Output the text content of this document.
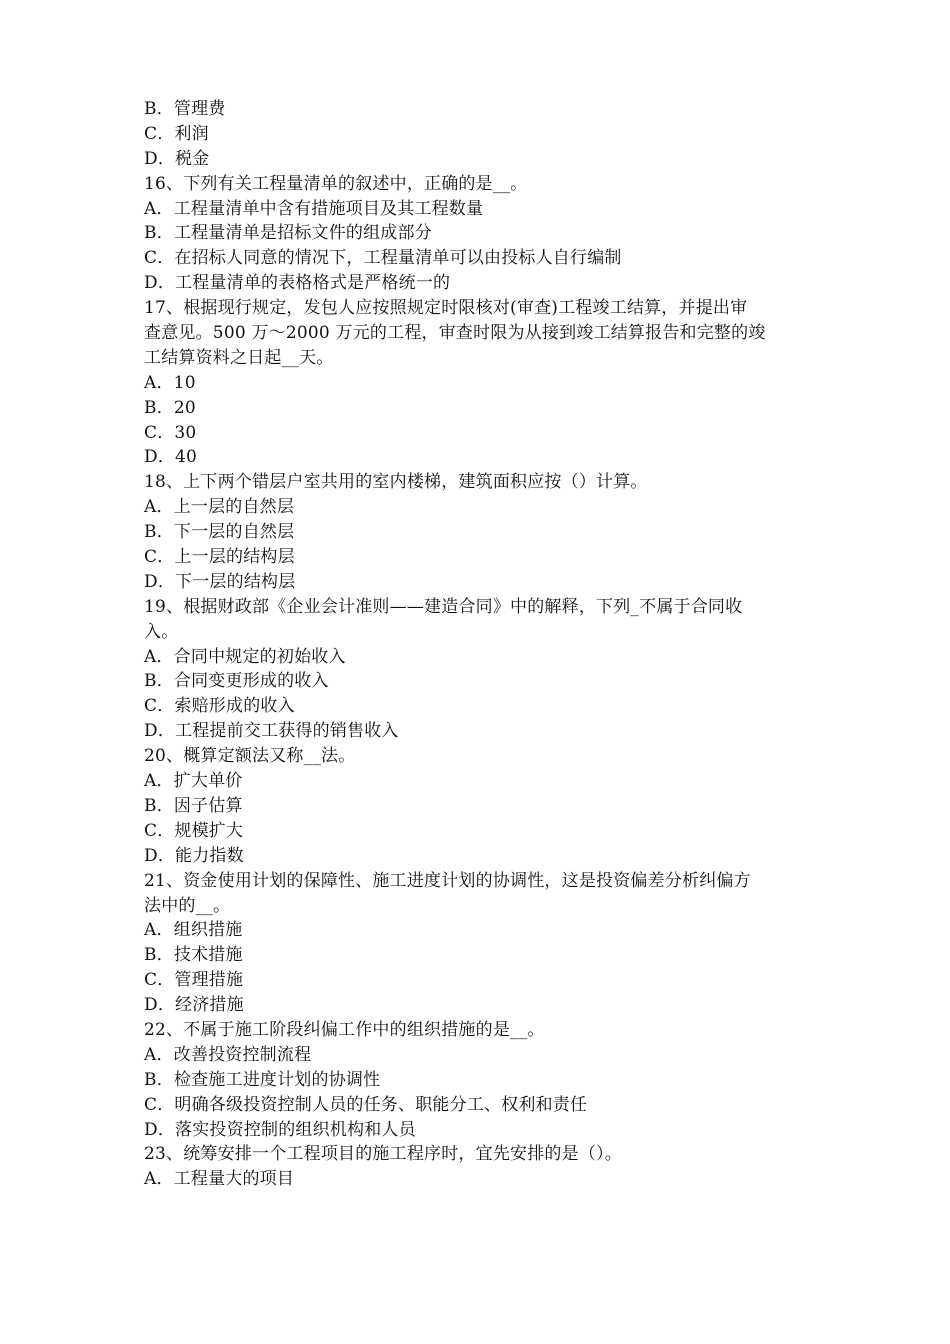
B．管理费
C．利润
D．税金
16、下列有关工程量清单的叙述中，正确的是__。
A．工程量清单中含有措施项目及其工程数量
B．工程量清单是招标文件的组成部分
C．在招标人同意的情况下，工程量清单可以由投标人自行编制
D．工程量清单的表格格式是严格统一的
17、根据现行规定，发包人应按照规定时限核对(审查)工程竣工结算，并提出审
查意见。500 万～2000 万元的工程，审查时限为从接到竣工结算报告和完整的竣
工结算资料之日起__天。
A．10
B．20
C．30
D．40
18、上下两个错层户室共用的室内楼梯，建筑面积应按（）计算。
A．上一层的自然层
B．下一层的自然层
C．上一层的结构层
D．下一层的结构层
19、根据财政部《企业会计准则——建造合同》中的解释，下列_不属于合同收
入。
A．合同中规定的初始收入
B．合同变更形成的收入
C．索赔形成的收入
D．工程提前交工获得的销售收入
20、概算定额法又称__法。
A．扩大单价
B．因子估算
C．规模扩大
D．能力指数
21、资金使用计划的保障性、施工进度计划的协调性，这是投资偏差分析纠偏方
法中的__。
A．组织措施
B．技术措施
C．管理措施
D．经济措施
22、不属于施工阶段纠偏工作中的组织措施的是__。
A．改善投资控制流程
B．检查施工进度计划的协调性
C．明确各级投资控制人员的任务、职能分工、权利和责任
D．落实投资控制的组织机构和人员
23、统筹安排一个工程项目的施工程序时，宜先安排的是（）。
A．工程量大的项目
